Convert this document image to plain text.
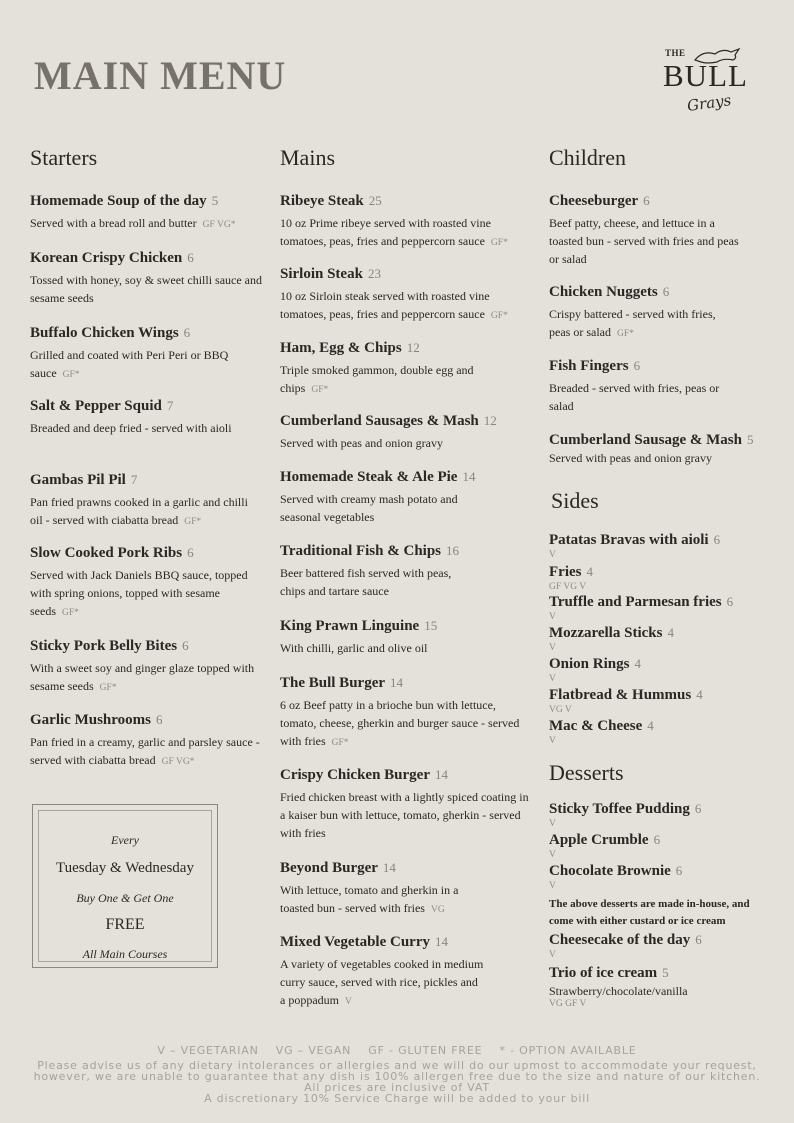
MAIN MENU	THE
BULL
Grays
Starters
Homemade Soup of the day 5
Served with a bread roll and butter GF VG*
Korean Crispy Chicken 6
Tossed with honey, soy & sweet chilli sauce and sesame seeds
Buffalo Chicken Wings 6
Grilled and coated with Peri Peri or BBQ sauce GF*
Salt & Pepper Squid 7
Breaded and deep fried - served with aioli
Gambas Pil Pil 7
Pan fried prawns cooked in a garlic and chilli oil - served with ciabatta bread GF*
Slow Cooked Pork Ribs 6
Served with Jack Daniels BBQ sauce, topped with spring onions, topped with sesame seeds GF*
Sticky Pork Belly Bites 6
With a sweet soy and ginger glaze topped with sesame seeds GF*
Garlic Mushrooms 6
Pan fried in a creamy, garlic and parsley sauce - served with ciabatta bread GF VG*
Every
Tuesday & Wednesday
Buy One & Get One
FREE
All Main Courses
Mains
Ribeye Steak 25
10 oz Prime ribeye served with roasted vine tomatoes, peas, fries and peppercorn sauce GF*
Sirloin Steak 23
10 oz Sirloin steak served with roasted vine tomatoes, peas, fries and peppercorn sauce GF*
Ham, Egg & Chips 12
Triple smoked gammon, double egg and chips GF*
Cumberland Sausages & Mash 12
Served with peas and onion gravy
Homemade Steak & Ale Pie 14
Served with creamy mash potato and seasonal vegetables
Traditional Fish & Chips 16
Beer battered fish served with peas, chips and tartare sauce
King Prawn Linguine 15
With chilli, garlic and olive oil
The Bull Burger 14
6 oz Beef patty in a brioche bun with lettuce, tomato, cheese, gherkin and burger sauce - served with fries GF*
Crispy Chicken Burger 14
Fried chicken breast with a lightly spiced coating in a kaiser bun with lettuce, tomato, gherkin - served with fries
Beyond Burger 14
With lettuce, tomato and gherkin in a toasted bun - served with fries VG
Mixed Vegetable Curry 14
A variety of vegetables cooked in medium curry sauce, served with rice, pickles and a poppadum V
Children
Cheeseburger 6
Beef patty, cheese, and lettuce in a toasted bun - served with fries and peas or salad
Chicken Nuggets 6
Crispy battered - served with fries, peas or salad GF*
Fish Fingers 6
Breaded - served with fries, peas or salad
Cumberland Sausage & Mash 5
Served with peas and onion gravy
Sides
Patatas Bravas with aioli 6
V
Fries 4
GF VG V
Truffle and Parmesan fries 6
V
Mozzarella Sticks 4
V
Onion Rings 4
V
Flatbread & Hummus 4
VG V
Mac & Cheese 4
V
Desserts
Sticky Toffee Pudding 6
V
Apple Crumble 6
V
Chocolate Brownie 6
V
The above desserts are made in-house, and come with either custard or ice cream
Cheesecake of the day 6
V
Trio of ice cream 5
Strawberry/chocolate/vanilla
VG GF V
V – VEGETARIAN    VG – VEGAN    GF - GLUTEN FREE    * - OPTION AVAILABLE
Please advise us of any dietary intolerances or allergies and we will do our upmost to accommodate your request, however, we are unable to guarantee that any dish is 100% allergen free due to the size and nature of our kitchen.
All prices are inclusive of VAT
A discretionary 10% Service Charge will be added to your bill
